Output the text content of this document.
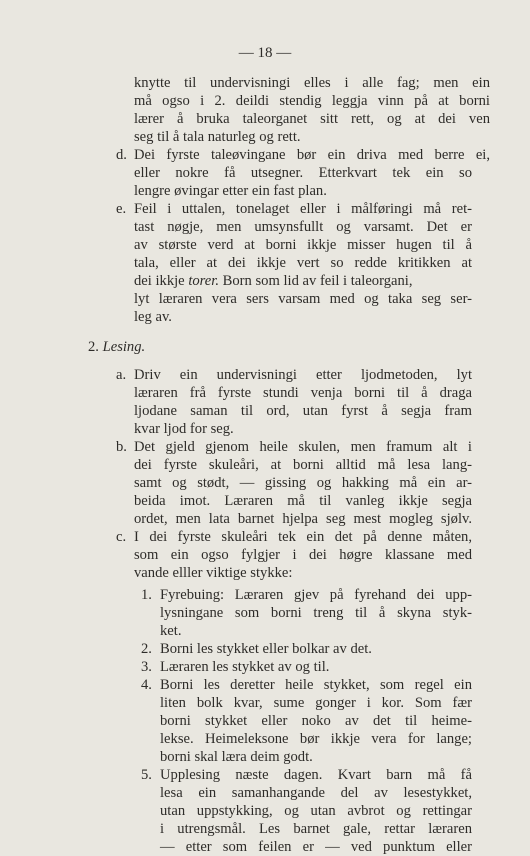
— 18 —
knytte til undervisningi elles i alle fag; men ein
må ogso i 2. deildi stendig leggja vinn på at borni
lærer å bruka taleorganet sitt rett, og at dei ven
seg til å tala naturleg og rett.
d. Dei fyrste taleøvingane bør ein driva med berre ei,
eller nokre få utsegner. Etterkvart tek ein so
lengre øvingar etter ein fast plan.
e. Feil i uttalen, tonelaget eller i målføringi må ret-
tast nøgje, men umsynsfullt og varsamt. Det er
av største verd at borni ikkje misser hugen til å
tala, eller at dei ikkje vert so redde kritikken at
dei ikkje torer. Born som lid av feil i taleorgani,
lyt læraren vera sers varsam med og taka seg ser-
leg av.
2. Lesing.
a. Driv ein undervisningi etter ljodmetoden, lyt
læraren frå fyrste stundi venja borni til å draga
ljodane saman til ord, utan fyrst å segja fram
kvar ljod for seg.
b. Det gjeld gjenom heile skulen, men framum alt i
dei fyrste skuleåri, at borni alltid må lesa lang-
samt og stødt, — gissing og hakking må ein ar-
beida imot. Læraren må til vanleg ikkje segja
ordet, men lata barnet hjelpa seg mest mogleg sjølv.
c. I dei fyrste skuleåri tek ein det på denne måten,
som ein ogso fylgjer i dei høgre klassane med
vande elller viktige stykke:
1. Fyrebuing: Læraren gjev på fyrehand dei upp-
lysningane som borni treng til å skyna styk-
ket.
2. Borni les stykket eller bolkar av det.
3. Læraren les stykket av og til.
4. Borni les deretter heile stykket, som regel ein
liten bolk kvar, sume gonger i kor. Som fær
borni stykket eller noko av det til heime-
lekse. Heimeleksone bør ikkje vera for lange;
borni skal læra deim godt.
5. Upplesing næste dagen. Kvart barn må få
lesa ein samanhangande del av lesestykket,
utan uppstykking, og utan avbrot og rettingar
i utrengsmål. Les barnet gale, rettar læraren
— etter som feilen er — ved punktum eller
